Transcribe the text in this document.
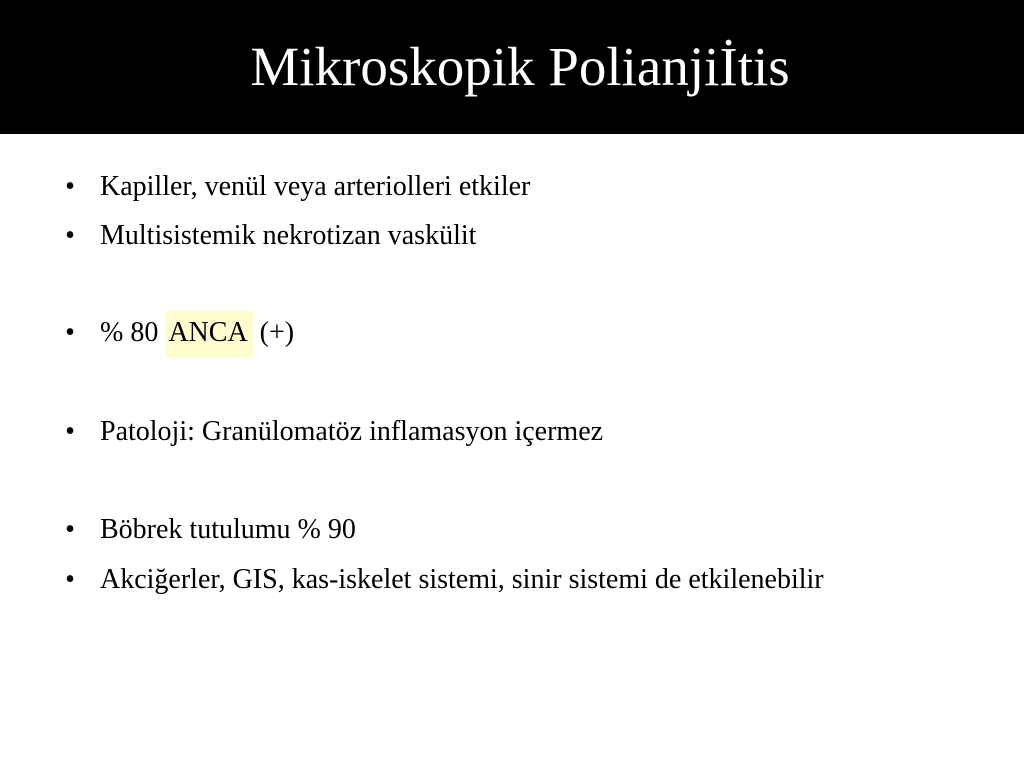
Mikroskopik Polianjiİtis
• Kapiller, venül veya arteriolleri etkiler
• Multisistemik nekrotizan vaskülit
• % 80 ANCA (+)
• Patoloji: Granülomatöz inflamasyon içermez
• Böbrek tutulumu % 90
• Akciğerler, GIS, kas-iskelet sistemi, sinir sistemi de etkilenebilir
